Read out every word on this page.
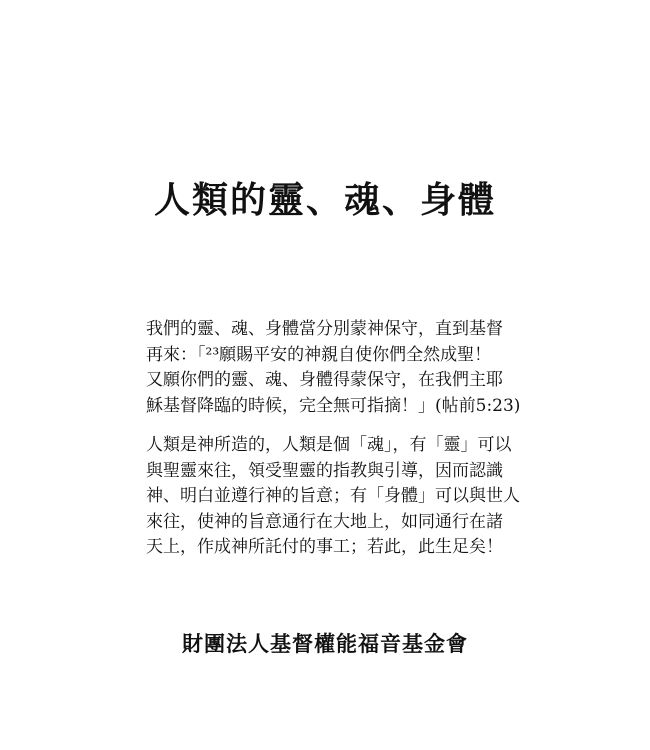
人類的靈、魂、身體
我們的靈、魂、身體當分別蒙神保守，直到基督
再來：「²³願賜平安的神親自使你們全然成聖！
又願你們的靈、魂、身體得蒙保守，在我們主耶
穌基督降臨的時候，完全無可指摘！」(帖前5:23)
人類是神所造的，人類是個「魂」，有「靈」可以
與聖靈來往，領受聖靈的指教與引導，因而認識
神、明白並遵行神的旨意；有「身體」可以與世人
來往，使神的旨意通行在大地上，如同通行在諸
天上，作成神所託付的事工；若此，此生足矣！
財團法人基督權能福音基金會
